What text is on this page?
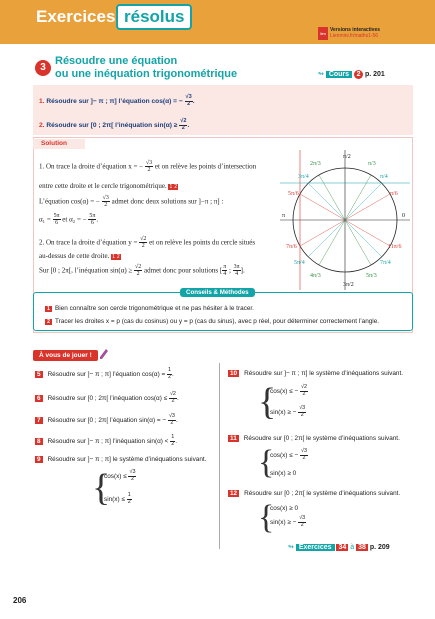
Exercices résolus
lien
Versions interactives
Lienmini.fr/maths1-56
3
Résoudre une équation
ou une inéquation trigonométrique	↬ Cours 2 p. 201
1. Résoudre sur ]− π ; π] l’équation cos(α) = − $\frac{√3}{2}$ .
2. Résoudre sur [0 ; 2π[ l’inéquation $\sin(\alpha) \ge \frac{√2}{2}$ .
Solution
1. On trace la droite d’équation x = − $\frac{√3}{2}$ et on relève les points d’intersection
entre cette droite et le cercle trigonométrique. 1 2
L’équation cos(α) = − $\frac{√3}{2}$ admet donc deux solutions sur ]−π ; π] :
$\alpha_1 = \frac{5\pi}{6}$ et α₂ = − $\frac{5\pi}{6}$ .
2. On trace la droite d’équation $y = \frac{√2}{2}$ et on relève les points du cercle situés
au-dessus de cette droite. 1 2
Sur [0 ; 2π[, l’inéquation $\sin(\alpha) \ge \frac{√2}{2}$ admet donc pour solutions [ $\frac{\pi}{4}$ ; $\frac{3\pi}{4}$ ].
π/2
3π/2
π	0
π/6
π/4
π/3
2π/3
3π/4
5π/6
7π/6
5π/4
4π/3	5π/3
7π/4
11π/6
Conseils & Méthodes
1 Bien connaître son cercle trigonométrique et ne pas hésiter à le tracer.
2 Tracer les droites x = p (cas du cosinus) ou y = p (cas du sinus), avec p réel, pour déterminer correctement l’angle.
À vous de jouer !
5 Résoudre sur ]− π ; π] l’équation $\cos(\alpha) = \frac{1}{2}$ .
6 Résoudre sur [0 ; 2π[ l’inéquation $\cos(\alpha) \le \frac{√2}{2}$ .
7 Résoudre sur [0 ; 2π[ l’équation sin(α) = − $\frac{√3}{2}$ .
8 Résoudre sur ]− π ; π] l’inéquation $\sin(\alpha) < \frac{1}{2}$ .
9 Résoudre sur ]− π ; π] le système d’inéquations suivant.
{
$\cos(x) \le \frac{√3}{2}$
$\sin(x) \le \frac{1}{2}$
10 Résoudre sur ]− π ; π] le système d’inéquations suivant.
{
cos(x) ≤ − $\frac{√2}{2}$
sin(x) ≥ − $\frac{√3}{2}$
11 Résoudre sur [0 ; 2π[ le système d’inéquations suivant.
{
cos(x) ≤ − $\frac{√3}{2}$
sin(x) ≥ 0
12 Résoudre sur [0 ; 2π[ le système d’inéquations suivant.
{
cos(x) ≥ 0
sin(x) ≥ − $\frac{√3}{2}$
↬ Exercices 34 à 38 p. 209
206
